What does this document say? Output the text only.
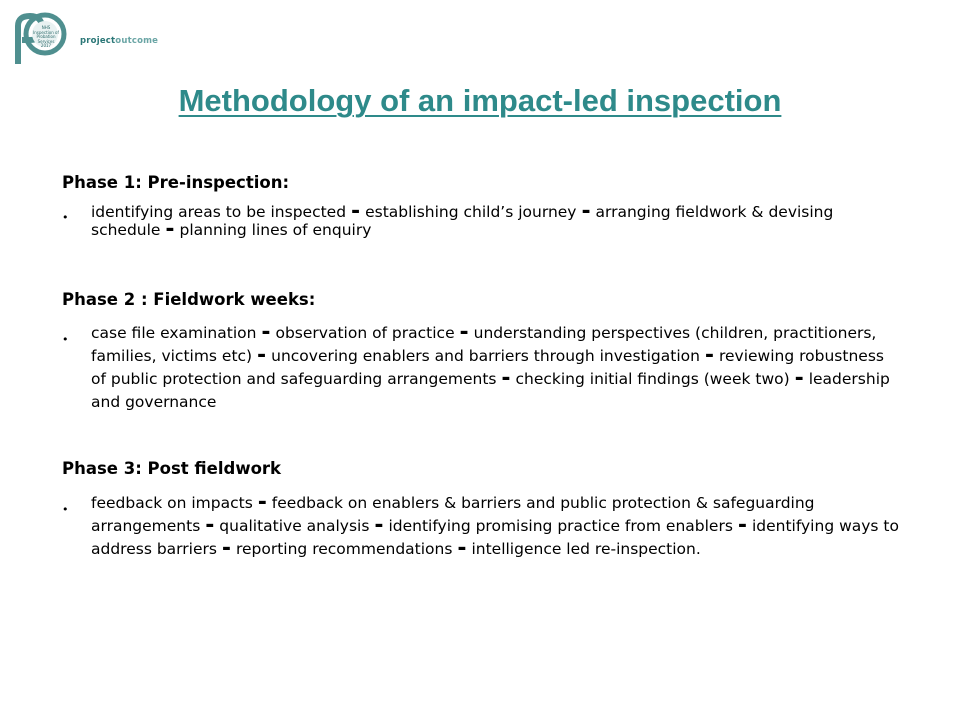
NHS
Inspection of
Probation
Services
2017	projectoutcome
Methodology of an impact-led inspection
Phase 1: Pre-inspection:
• identifying areas to be inspected - establishing child’s journey - arranging fieldwork & devising schedule - planning lines of enquiry
Phase 2 : Fieldwork weeks:
• case file examination - observation of practice - understanding perspectives (children, practitioners, families, victims etc) - uncovering enablers and barriers through investigation - reviewing robustness of public protection and safeguarding arrangements - checking initial findings (week two) - leadership and governance
Phase 3: Post fieldwork
• feedback on impacts - feedback on enablers & barriers and public protection & safeguarding arrangements - qualitative analysis - identifying promising practice from enablers - identifying ways to address barriers - reporting recommendations - intelligence led re-inspection.
